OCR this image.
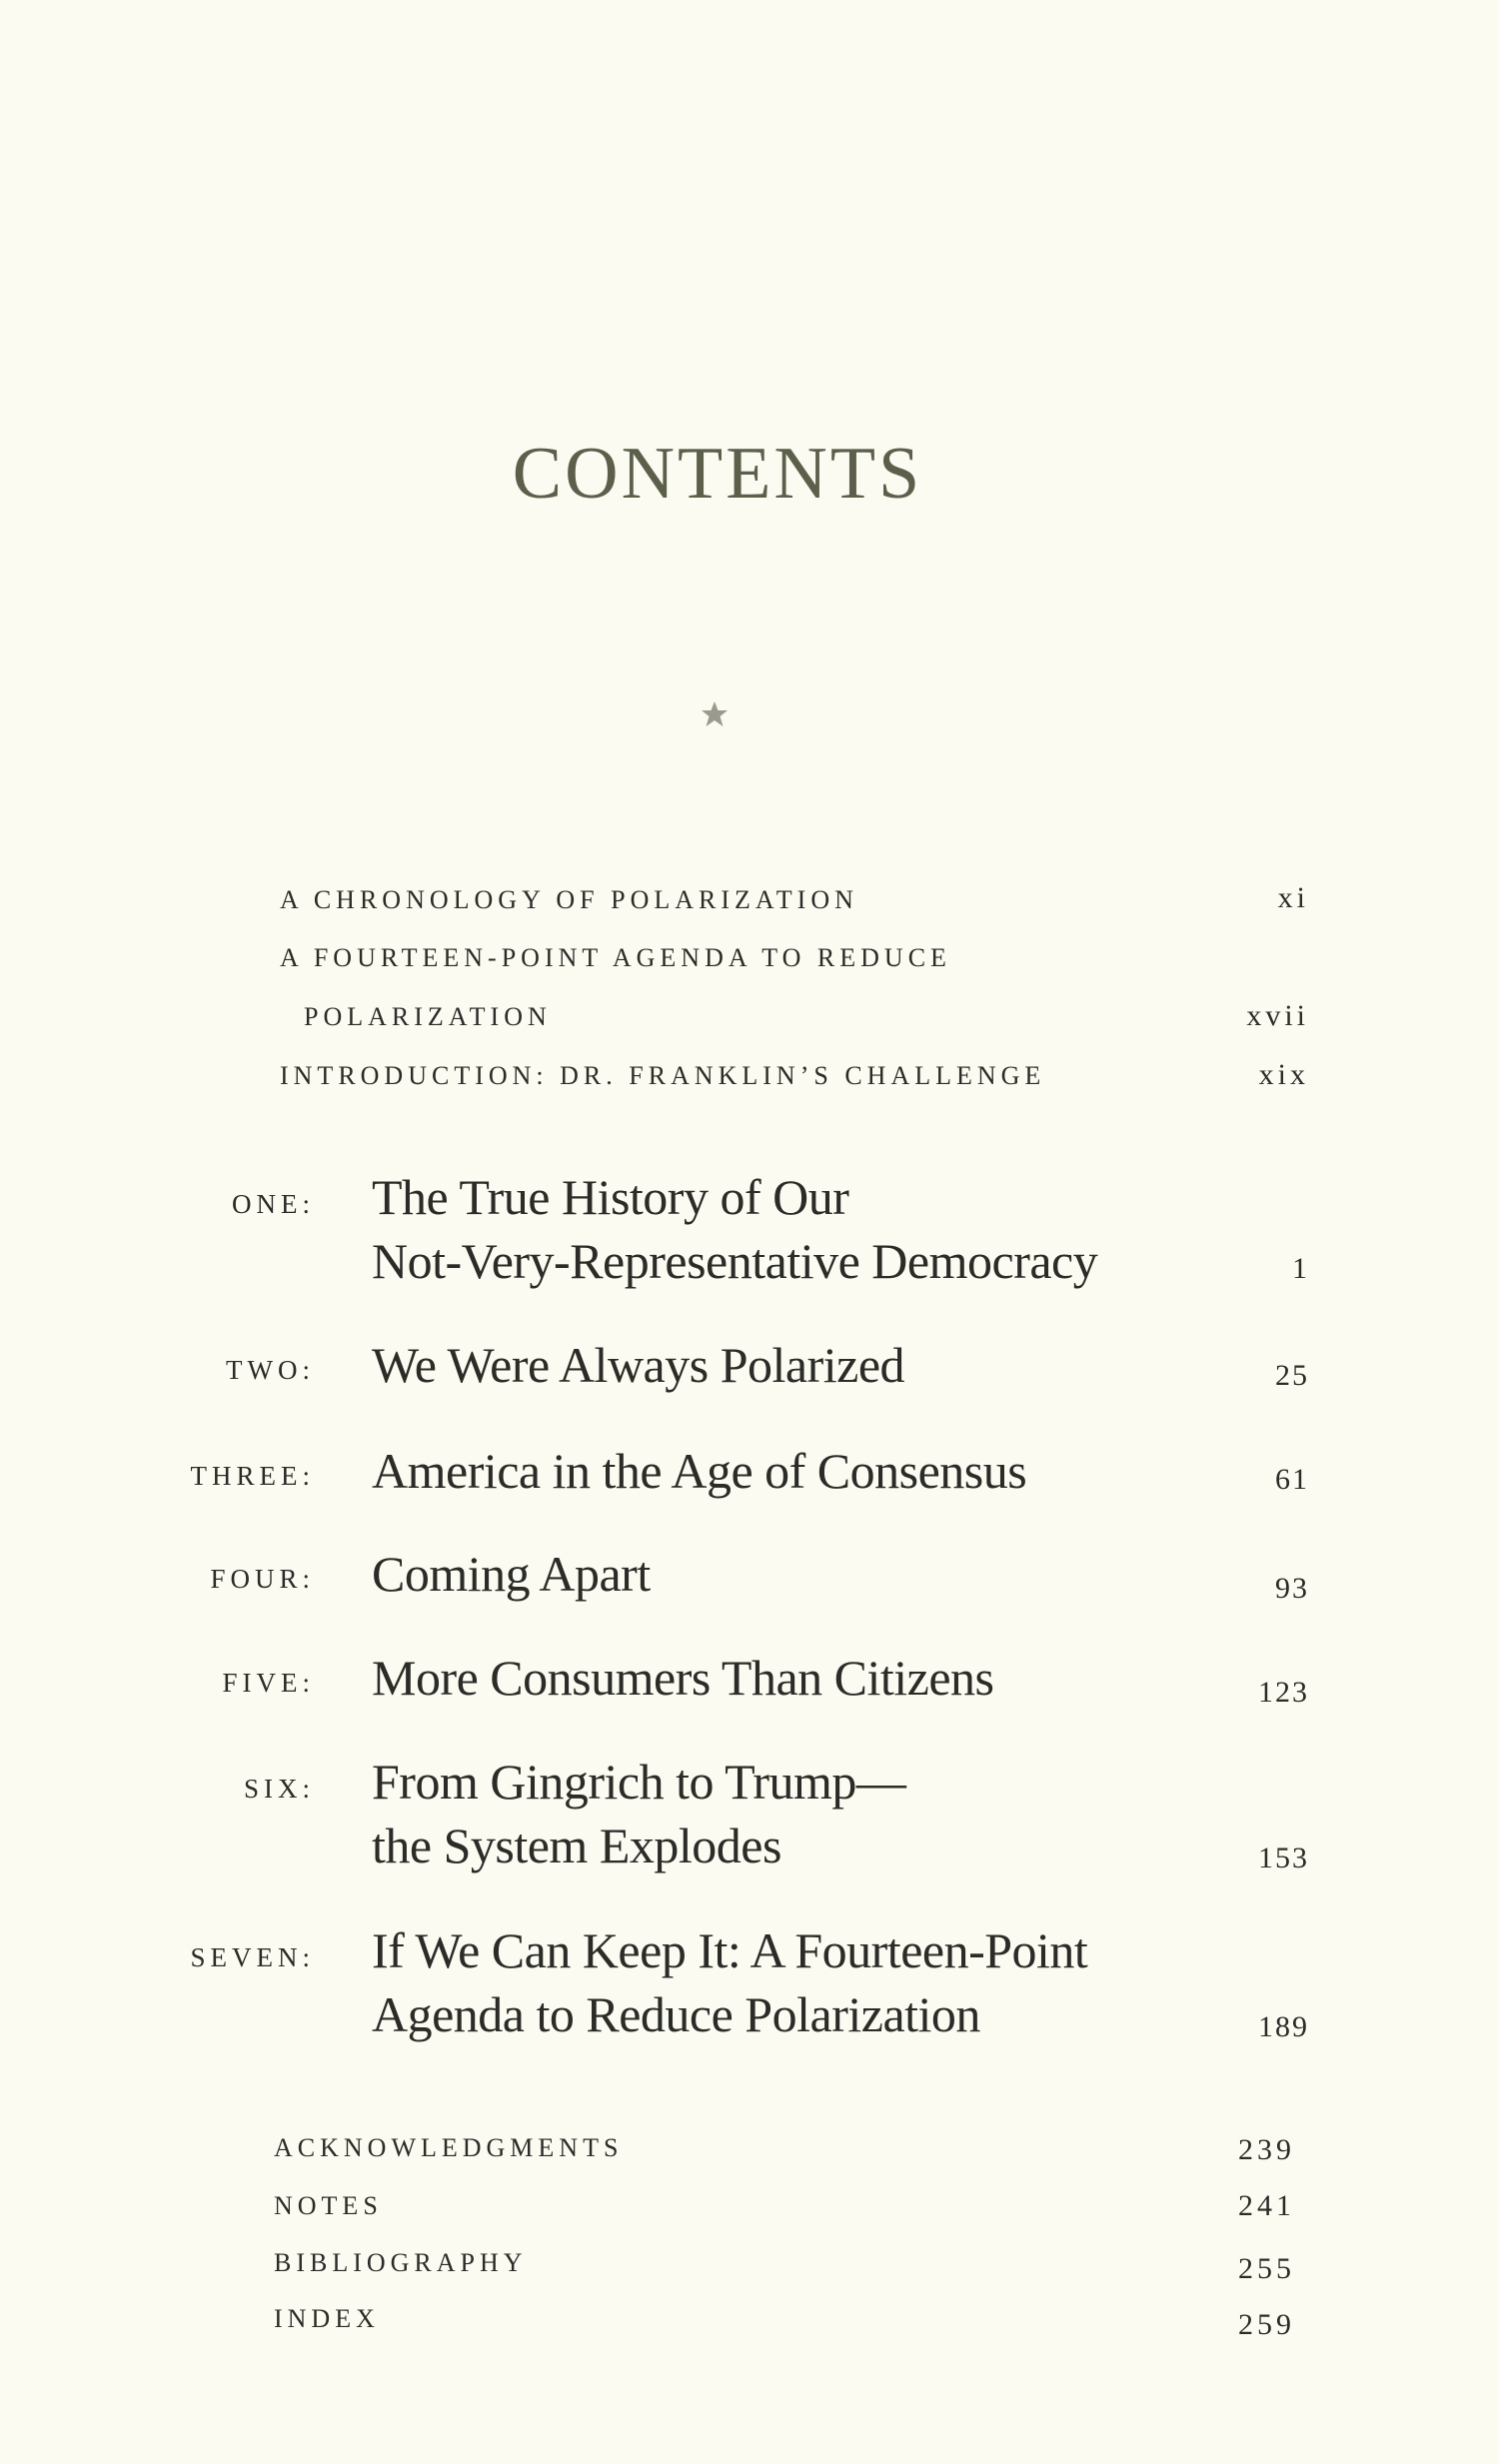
CONTENTS
A CHRONOLOGY OF POLARIZATION	xi
A FOURTEEN-POINT AGENDA TO REDUCE
POLARIZATION	xvii
INTRODUCTION: DR. FRANKLIN’S CHALLENGE	xix
ONE: The True History of Our
Not-Very-Representative Democracy	1
TWO: We Were Always Polarized	25
THREE: America in the Age of Consensus	61
FOUR: Coming Apart	93
FIVE: More Consumers Than Citizens	123
SIX: From Gingrich to Trump—
the System Explodes	153
SEVEN: If We Can Keep It: A Fourteen-Point
Agenda to Reduce Polarization	189
ACKNOWLEDGMENTS	239
NOTES	241
BIBLIOGRAPHY	255
INDEX	259
